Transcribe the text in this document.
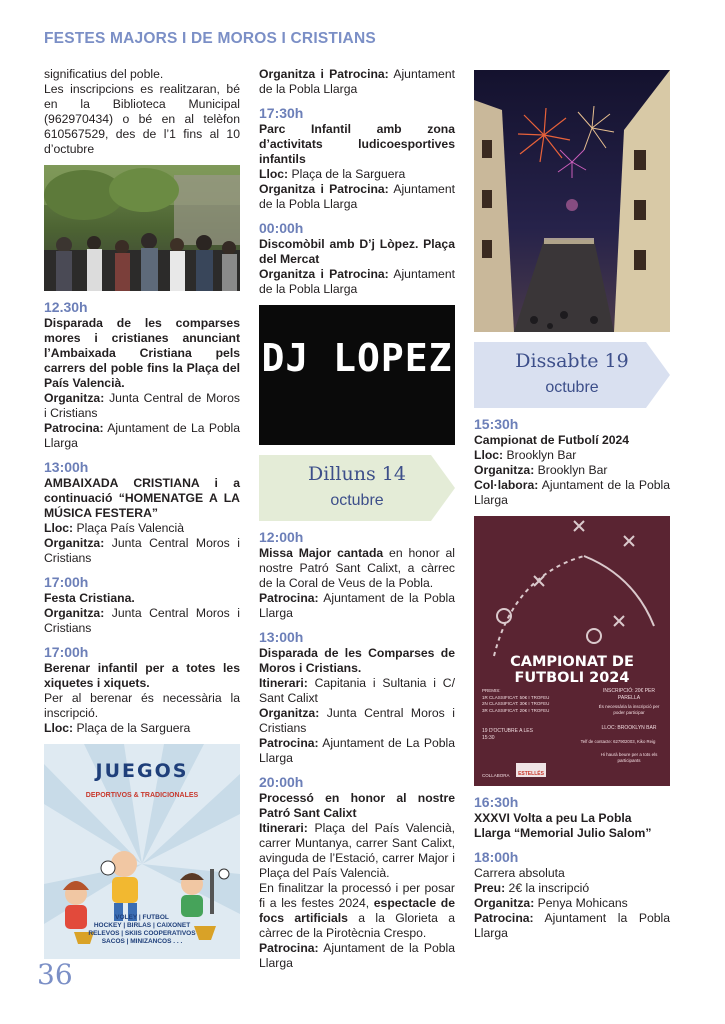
FESTES MAJORS I DE MOROS I CRISTIANS

significatius del poble.

Les inscripcions es realitzaran, bé en la Biblioteca Municipal (962970434) o bé en al telèfon 610567529, des de l’1 fins al 10 d’octubre

12.30h

Disparada de les comparses mores i cristianes anunciant l’Ambaixada Cristiana pels carrers del poble fins la Plaça del País Valencià.

Organitza: Junta Central de Moros i Cristians

Patrocina: Ajuntament de La Pobla Llarga

13:00h

AMBAIXADA CRISTIANA i a continuació “HOMENATGE A LA MÚSICA FESTERA”

Lloc: Plaça País Valencià

Organitza: Junta Central Moros i Cristians

17:00h

Festa Cristiana.

Organitza: Junta Central Moros i Cristians

17:00h

Berenar infantil per a totes les xiquetes i xiquets.

Per al berenar és necessària la inscripció.

Lloc: Plaça de la Sarguera

JUEGOS
DEPORTIVOS & TRADICIONALES
VOLEY | FUTBOL
HOCKEY | BIRLAS | CAIXONET
RELEVOS | SKIIS COOPERATIVOS
SACOS | MINIZANCOS . . .

Organitza i Patrocina: Ajuntament de la Pobla Llarga

17:30h

Parc Infantil amb zona d’activitats ludicoesportives infantils

Lloc: Plaça de la Sarguera

Organitza i Patrocina: Ajuntament de la Pobla Llarga

00:00h

Discomòbil amb D’j Lòpez. Plaça del Mercat

Organitza i Patrocina: Ajuntament de la Pobla Llarga

DJ LOPEZ
Dilluns 14
octubre

12:00h

Missa Major cantada en honor al nostre Patró Sant Calixt, a càrrec de la Coral de Veus de la Pobla.

Patrocina: Ajuntament de la Pobla Llarga

13:00h

Disparada de les Comparses de Moros i Cristians.

Itinerari: Capitania i Sultania i C/ Sant Calixt

Organitza: Junta Central Moros i Cristians

Patrocina: Ajuntament de La Pobla Llarga

20:00h

Processó en honor al nostre Patró Sant Calixt

Itinerari: Plaça del País Valencià, carrer Muntanya, carrer Sant Calixt, avinguda de l’Estació, carrer Major i Plaça del País Valencià.

En finalitzar la processó i per posar fi a les festes 2024, espectacle de focs artificials a la Glorieta a càrrec de la Pirotècnia Crespo.

Patrocina: Ajuntament de la Pobla Llarga

Dissabte 19
octubre

15:30h

Campionat de Futbolí 2024

Lloc: Brooklyn Bar

Organitza: Brooklyn Bar

Col·labora: Ajuntament de la Pobla Llarga

CAMPIONAT DE
FUTBOLI 2024
PREMIS:
1R CLASSIFICAT: 50€ I TROFEU
2N CLASSIFICAT: 30€ I TROFEU
3R CLASSIFICAT: 20€ I TROFEU
INSCRIPCIÓ: 20€ PER PARELLA
És necessària la inscripció per poder participar
LLOC: BROOKLYN BAR
19 D'OCTUBRE A LES 15:30
Telf de contacte: 627902003, Kiko Reig
Hi haurà beure per a tots els participants
COLLABORA ESTELLÉS

16:30h

XXXVI Volta a peu La Pobla Llarga “Memorial Julio Salom”

18:00h

Carrera absoluta

Preu: 2€ la inscripció

Organitza: Penya Mohicans

Patrocina: Ajuntament la Pobla Llarga

36
